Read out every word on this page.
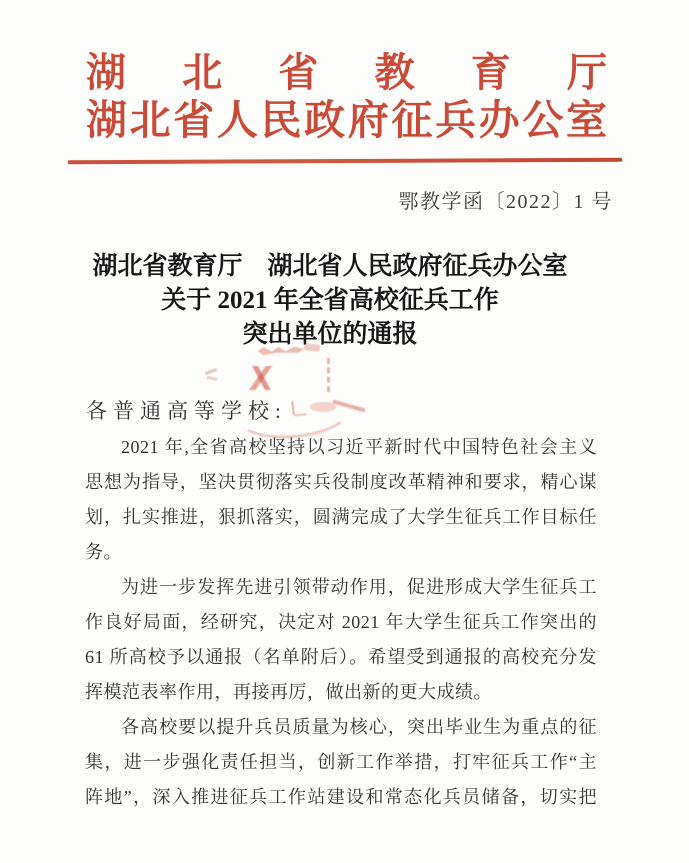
湖　北　省　教　育　厅
湖北省人民政府征兵办公室
鄂教学函〔2022〕1 号
湖北省教育厅　湖北省人民政府征兵办公室
关于 2021 年全省高校征兵工作
突出单位的通报
各普通高等学校:
2021 年,全省高校坚持以习近平新时代中国特色社会主义
思想为指导，坚决贯彻落实兵役制度改革精神和要求，精心谋
划，扎实推进，狠抓落实，圆满完成了大学生征兵工作目标任
务。
为进一步发挥先进引领带动作用，促进形成大学生征兵工
作良好局面，经研究，决定对 2021 年大学生征兵工作突出的
61 所高校予以通报（名单附后）。希望受到通报的高校充分发
挥模范表率作用，再接再厉，做出新的更大成绩。
各高校要以提升兵员质量为核心，突出毕业生为重点的征
集，进一步强化责任担当，创新工作举措，打牢征兵工作“主
阵地”，深入推进征兵工作站建设和常态化兵员储备，切实把
